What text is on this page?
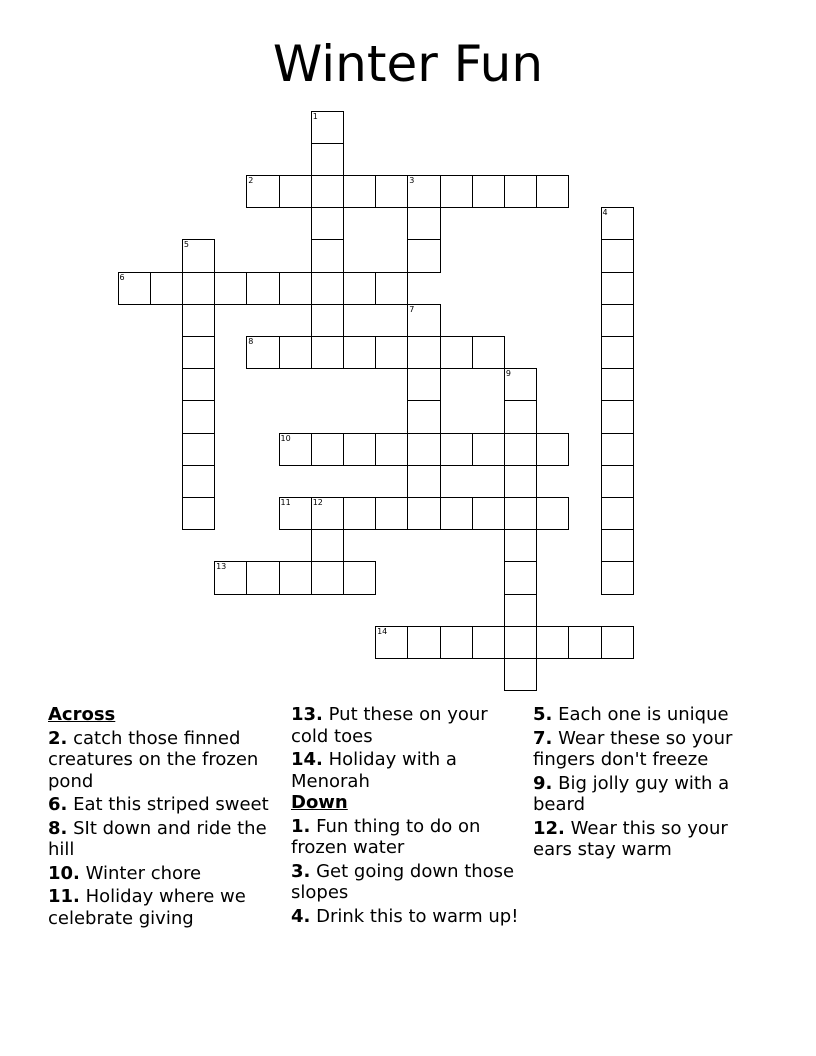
Winter Fun
1
2	3
4
5
6
7
8
9
10
11	12
13
14
Across
2. catch those finned creatures on the frozen pond
6. Eat this striped sweet
8. SIt down and ride the hill
10. Winter chore
11. Holiday where we celebrate giving
13. Put these on your cold toes
14. Holiday with a Menorah
Down
1. Fun thing to do on frozen water
3. Get going down those slopes
4. Drink this to warm up!
5. Each one is unique
7. Wear these so your fingers don't freeze
9. Big jolly guy with a beard
12. Wear this so your ears stay warm
